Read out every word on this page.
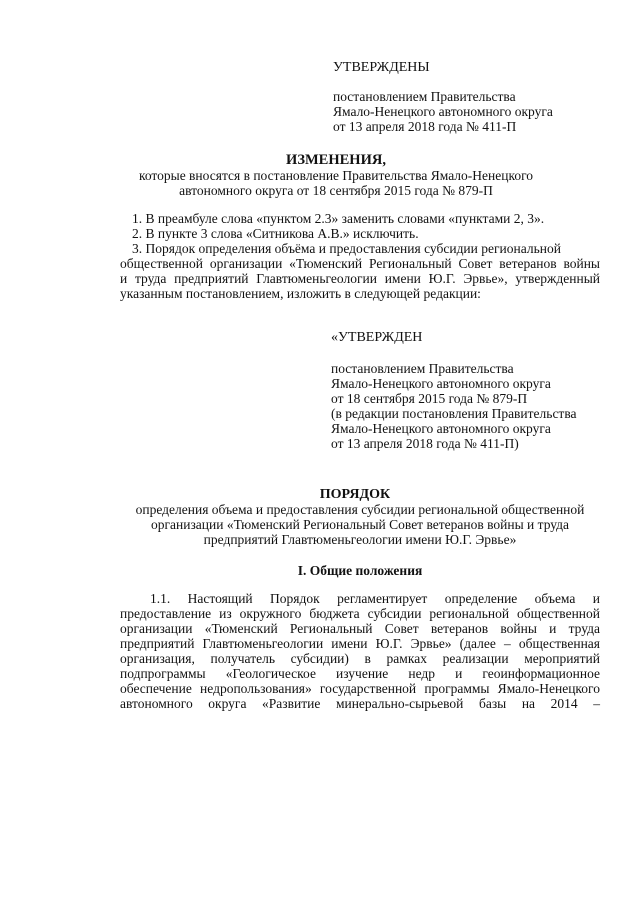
УТВЕРЖДЕНЫ
постановлением Правительства
Ямало-Ненецкого автономного округа
от 13 апреля 2018 года № 411-П
ИЗМЕНЕНИЯ,
которые вносятся в постановление Правительства Ямало-Ненецкого
автономного округа от 18 сентября 2015 года № 879-П
1. В преамбуле слова «пунктом 2.3» заменить словами «пунктами 2, 3».
2. В пункте 3 слова «Ситникова А.В.» исключить.
3. Порядок определения объёма и предоставления субсидии региональной
общественной организации «Тюменский Региональный Совет ветеранов войны
и труда предприятий Главтюменьгеологии имени Ю.Г. Эрвье», утвержденный
указанным постановлением, изложить в следующей редакции:
«УТВЕРЖДЕН
постановлением Правительства
Ямало-Ненецкого автономного округа
от 18 сентября 2015 года № 879-П
(в редакции постановления Правительства
Ямало-Ненецкого автономного округа
от 13 апреля 2018 года № 411-П)
ПОРЯДОК
определения объема и предоставления субсидии региональной общественной
организации «Тюменский Региональный Совет ветеранов войны и труда
предприятий Главтюменьгеологии имени Ю.Г. Эрвье»
I. Общие положения
1.1. Настоящий Порядок регламентирует определение объема и
предоставление из окружного бюджета субсидии региональной общественной
организации «Тюменский Региональный Совет ветеранов войны и труда
предприятий Главтюменьгеологии имени Ю.Г. Эрвье» (далее – общественная
организация, получатель субсидии) в рамках реализации мероприятий
подпрограммы «Геологическое изучение недр и геоинформационное
обеспечение недропользования» государственной программы Ямало-Ненецкого
автономного округа «Развитие минерально-сырьевой базы на 2014 –
